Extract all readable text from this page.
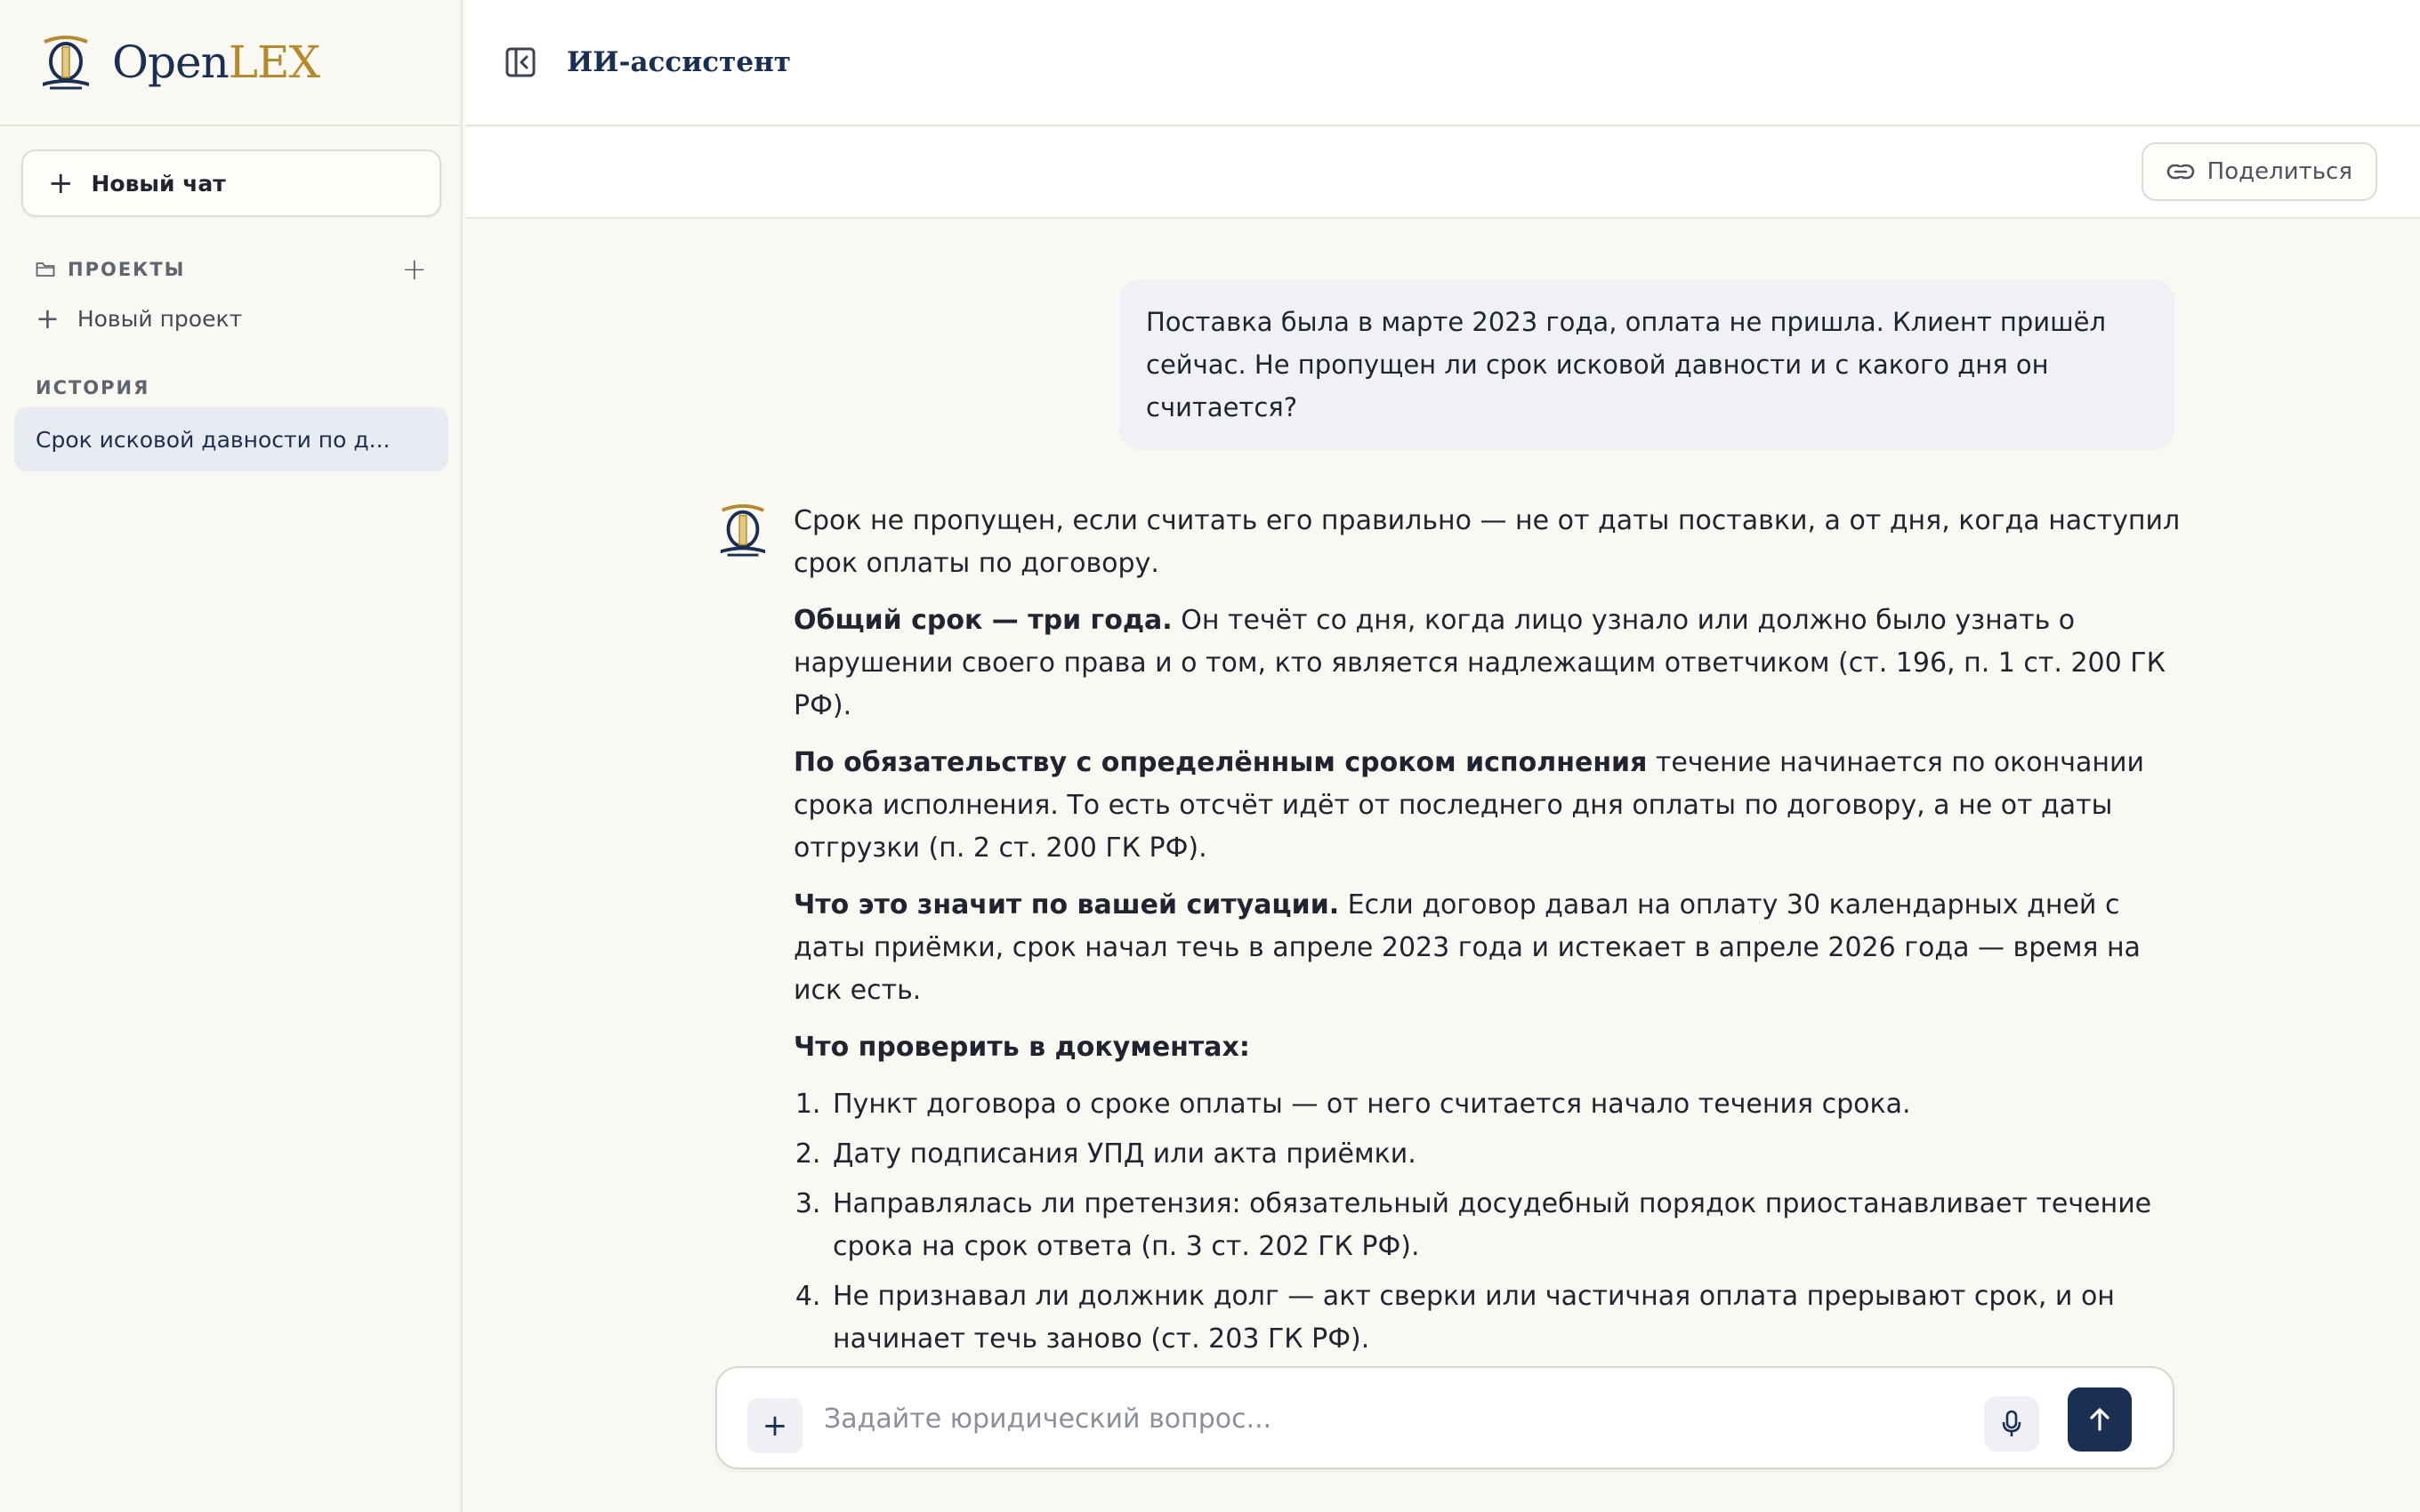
OpenLEX
+ Новый чат
ПРОЕКТЫ	+
+ Новый проект
ИСТОРИЯ
Срок исковой давности по д...
ИИ-ассистент
Поделиться
Поставка была в марте 2023 года, оплата не пришла. Клиент пришёл сейчас. Не пропущен ли срок исковой давности и с какого дня он считается?

Срок не пропущен, если считать его правильно — не от даты поставки, а от дня, когда наступил срок оплаты по договору.

Общий срок — три года. Он течёт со дня, когда лицо узнало или должно было узнать о нарушении своего права и о том, кто является надлежащим ответчиком (ст. 196, п. 1 ст. 200 ГК РФ).

По обязательству с определённым сроком исполнения течение начинается по окончании срока исполнения. То есть отсчёт идёт от последнего дня оплаты по договору, а не от даты отгрузки (п. 2 ст. 200 ГК РФ).

Что это значит по вашей ситуации. Если договор давал на оплату 30 календарных дней с даты приёмки, срок начал течь в апреле 2023 года и истекает в апреле 2026 года — время на иск есть.

Что проверить в документах:

1. Пункт договора о сроке оплаты — от него считается начало течения срока.
2. Дату подписания УПД или акта приёмки.
3. Направлялась ли претензия: обязательный досудебный порядок приостанавливает течение срока на срок ответа (п. 3 ст. 202 ГК РФ).
4. Не признавал ли должник долг — акт сверки или частичная оплата прерывают срок, и он начинает течь заново (ст. 203 ГК РФ).

+
Задайте юридический вопрос...
